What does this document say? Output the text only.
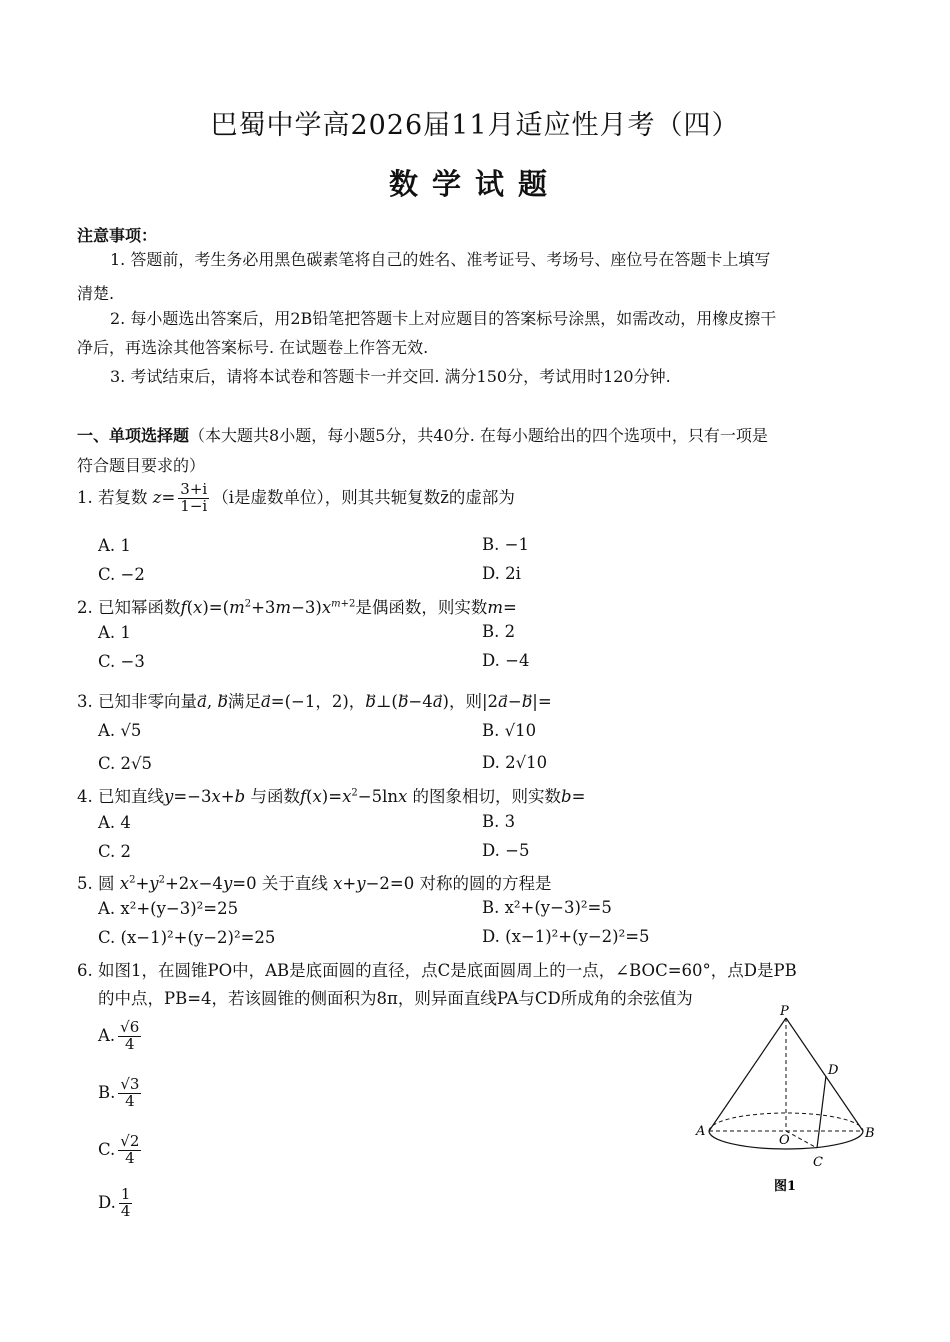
巴蜀中学高2026届11月适应性月考（四）
数学试题
注意事项：
1. 答题前，考生务必用黑色碳素笔将自己的姓名、准考证号、考场号、座位号在答题卡上填写
清楚.
2. 每小题选出答案后，用2B铅笔把答题卡上对应题目的答案标号涂黑，如需改动，用橡皮擦干
净后，再选涂其他答案标号. 在试题卷上作答无效.
3. 考试结束后，请将本试卷和答题卡一并交回. 满分150分，考试用时120分钟.
一、单项选择题（本大题共8小题，每小题5分，共40分. 在每小题给出的四个选项中，只有一项是
符合题目要求的）
1. 若复数 $z= \frac{3+i}{1-i} (i$是虚数单位），则其共轭复数z̄的虚部为
A. 1	B. −1
C. −2	D. 2i
2. 已知幂函数$f(x)=(m^2+3m-3)x^{m+2}$是偶函数，则实数m=
A. 1	B. 2
C. −3	D. −4
3. 已知非零向量a⃗, b满足a⃗=(−1，2)，b⃗⊥(b⃗−4a⃗)，则|2a⃗−b⃗|=
A. √5	B. √10
C. 2√5	D. 2√10
4. 已知直线y=−3x+b 与函数$f(x)=x^2-5\ln x$ 的图象相切，则实数b=
A. 4	B. 3
C. 2	D. −5
5. 圆 $x^2+y^2+2x-4y=0$ 关于直线 x+y−2=0 对称的圆的方程是
A. x²+(y−3)²=25	B. x²+(y−3)²=5
C. (x−1)²+(y−2)²=25	D. (x−1)²+(y−2)²=5
6. 如图1，在圆锥PO中，AB是底面圆的直径，点C是底面圆周上的一点，∠BOC=60°，点D是PB
的中点，PB=4，若该圆锥的侧面积为8π，则异面直线PA与CD所成角的余弦值为
A. $\frac{√6}{4}$
B. $\frac{√3}{4}$
C. $\frac{√2}{4}$
D. $\frac{1}{4}$
P
D
A
O	B
C
图1
